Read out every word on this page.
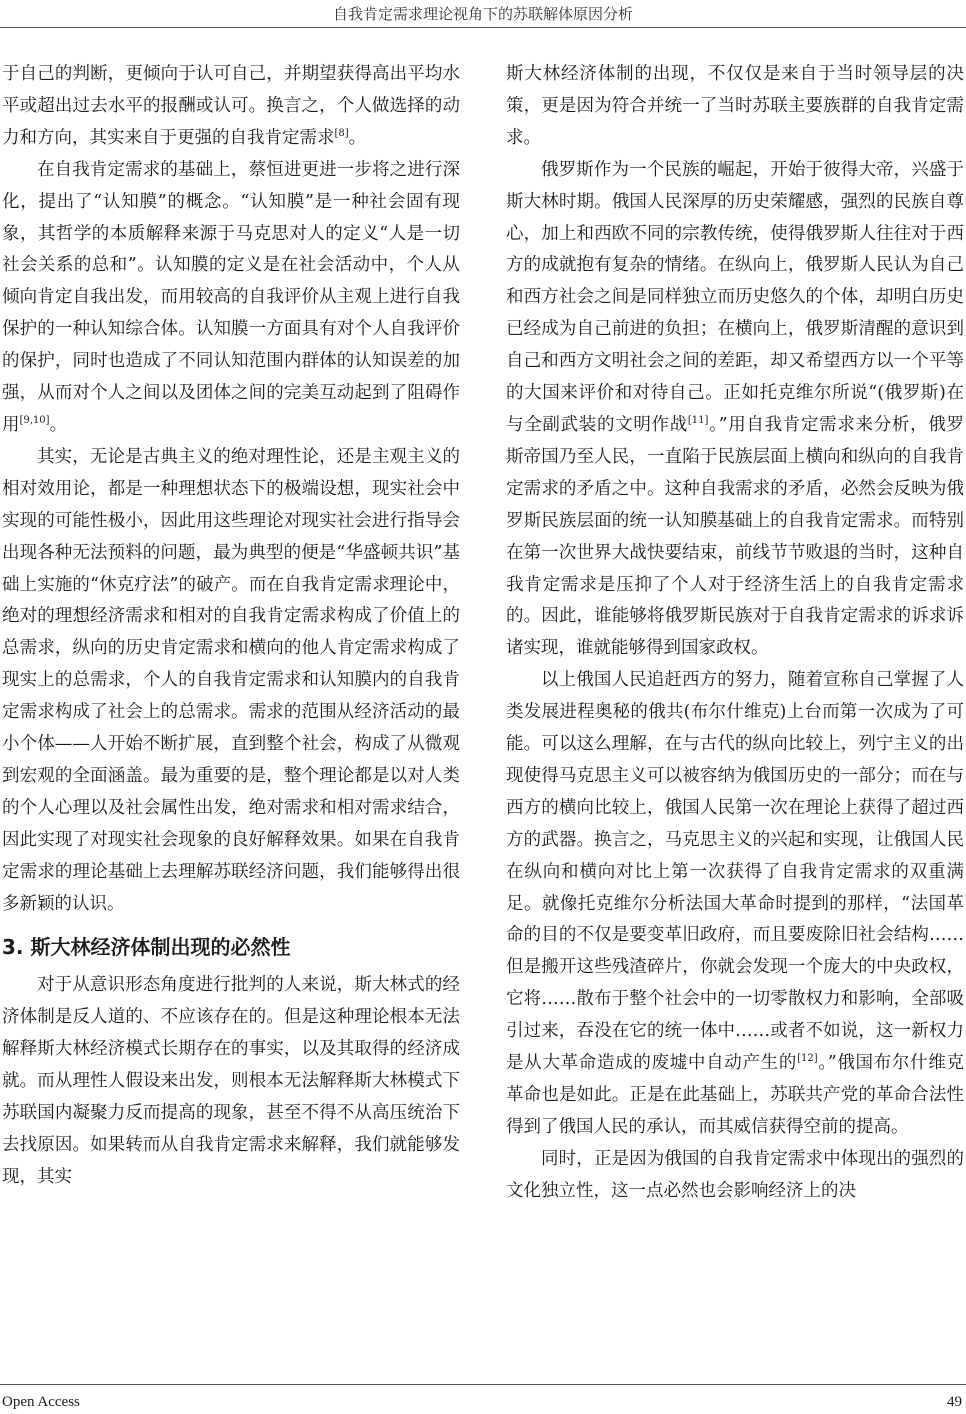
自我肯定需求理论视角下的苏联解体原因分析

于自己的判断，更倾向于认可自己，并期望获得高出平均水平或超出过去水平的报酬或认可。换言之，个人做选择的动力和方向，其实来自于更强的自我肯定需求[8]。

在自我肯定需求的基础上，蔡恒进更进一步将之进行深化，提出了“认知膜”的概念。“认知膜”是一种社会固有现象，其哲学的本质解释来源于马克思对人的定义“人是一切社会关系的总和”。认知膜的定义是在社会活动中，个人从倾向肯定自我出发，而用较高的自我评价从主观上进行自我保护的一种认知综合体。认知膜一方面具有对个人自我评价的保护，同时也造成了不同认知范围内群体的认知误差的加强，从而对个人之间以及团体之间的完美互动起到了阻碍作用[9,10]。

其实，无论是古典主义的绝对理性论，还是主观主义的相对效用论，都是一种理想状态下的极端设想，现实社会中实现的可能性极小，因此用这些理论对现实社会进行指导会出现各种无法预料的问题，最为典型的便是“华盛顿共识”基础上实施的“休克疗法”的破产。而在自我肯定需求理论中，绝对的理想经济需求和相对的自我肯定需求构成了价值上的总需求，纵向的历史肯定需求和横向的他人肯定需求构成了现实上的总需求，个人的自我肯定需求和认知膜内的自我肯定需求构成了社会上的总需求。需求的范围从经济活动的最小个体——人开始不断扩展，直到整个社会，构成了从微观到宏观的全面涵盖。最为重要的是，整个理论都是以对人类的个人心理以及社会属性出发，绝对需求和相对需求结合，因此实现了对现实社会现象的良好解释效果。如果在自我肯定需求的理论基础上去理解苏联经济问题，我们能够得出很多新颖的认识。

3. 斯大林经济体制出现的必然性

对于从意识形态角度进行批判的人来说，斯大林式的经济体制是反人道的、不应该存在的。但是这种理论根本无法解释斯大林经济模式长期存在的事实，以及其取得的经济成就。而从理性人假设来出发，则根本无法解释斯大林模式下苏联国内凝聚力反而提高的现象，甚至不得不从高压统治下去找原因。如果转而从自我肯定需求来解释，我们就能够发现，其实

斯大林经济体制的出现，不仅仅是来自于当时领导层的决策，更是因为符合并统一了当时苏联主要族群的自我肯定需求。

俄罗斯作为一个民族的崛起，开始于彼得大帝，兴盛于斯大林时期。俄国人民深厚的历史荣耀感，强烈的民族自尊心，加上和西欧不同的宗教传统，使得俄罗斯人往往对于西方的成就抱有复杂的情绪。在纵向上，俄罗斯人民认为自己和西方社会之间是同样独立而历史悠久的个体，却明白历史已经成为自己前进的负担；在横向上，俄罗斯清醒的意识到自己和西方文明社会之间的差距，却又希望西方以一个平等的大国来评价和对待自己。正如托克维尔所说“(俄罗斯)在与全副武装的文明作战[11]。”用自我肯定需求来分析，俄罗斯帝国乃至人民，一直陷于民族层面上横向和纵向的自我肯定需求的矛盾之中。这种自我需求的矛盾，必然会反映为俄罗斯民族层面的统一认知膜基础上的自我肯定需求。而特别在第一次世界大战快要结束，前线节节败退的当时，这种自我肯定需求是压抑了个人对于经济生活上的自我肯定需求的。因此，谁能够将俄罗斯民族对于自我肯定需求的诉求诉诸实现，谁就能够得到国家政权。

以上俄国人民追赶西方的努力，随着宣称自己掌握了人类发展进程奥秘的俄共(布尔什维克)上台而第一次成为了可能。可以这么理解，在与古代的纵向比较上，列宁主义的出现使得马克思主义可以被容纳为俄国历史的一部分；而在与西方的横向比较上，俄国人民第一次在理论上获得了超过西方的武器。换言之，马克思主义的兴起和实现，让俄国人民在纵向和横向对比上第一次获得了自我肯定需求的双重满足。就像托克维尔分析法国大革命时提到的那样，“法国革命的目的不仅是要变革旧政府，而且要废除旧社会结构……但是搬开这些残渣碎片，你就会发现一个庞大的中央政权，它将……散布于整个社会中的一切零散权力和影响，全部吸引过来，吞没在它的统一体中……或者不如说，这一新权力是从大革命造成的废墟中自动产生的[12]。”俄国布尔什维克革命也是如此。正是在此基础上，苏联共产党的革命合法性得到了俄国人民的承认，而其威信获得空前的提高。

同时，正是因为俄国的自我肯定需求中体现出的强烈的文化独立性，这一点必然也会影响经济上的决

Open Access	49
